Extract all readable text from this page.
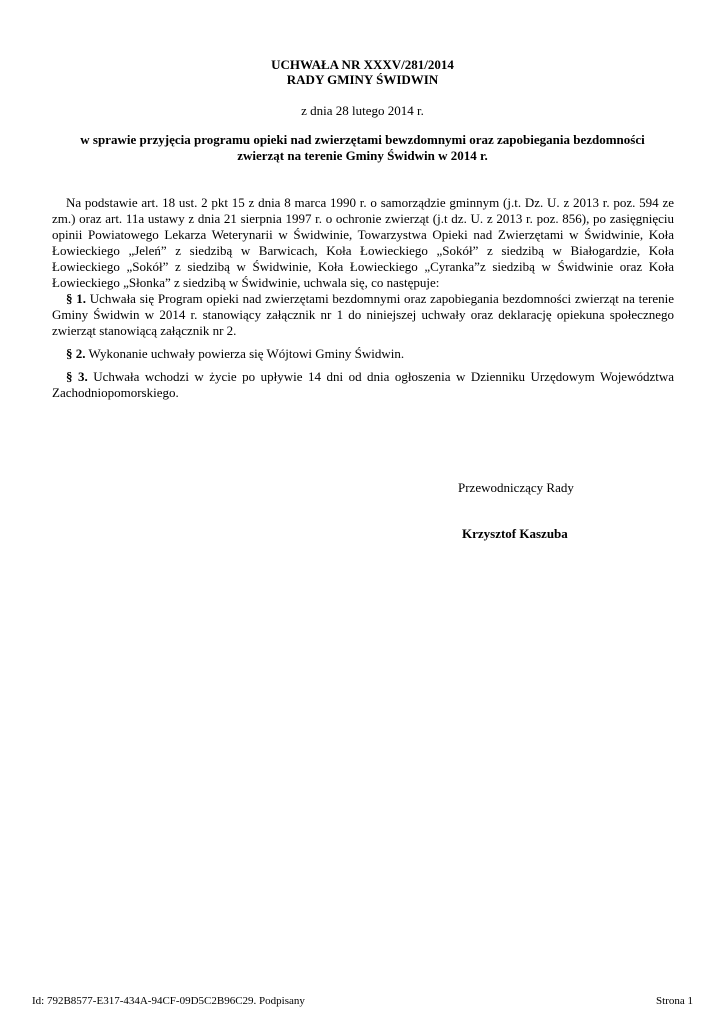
UCHWAŁA NR XXXV/281/2014
RADY GMINY ŚWIDWIN
z dnia 28 lutego 2014 r.
w sprawie przyjęcia programu opieki nad zwierzętami bewzdomnymi oraz zapobiegania bezdomności zwierząt na terenie Gminy Świdwin w 2014 r.
Na podstawie art. 18 ust. 2 pkt 15 z dnia 8 marca 1990 r. o samorządzie gminnym (j.t. Dz. U. z 2013 r. poz. 594 ze zm.) oraz art. 11a ustawy z dnia 21 sierpnia 1997 r. o ochronie zwierząt (j.t dz. U. z 2013 r. poz. 856), po zasięgnięciu opinii Powiatowego Lekarza Weterynarii w Świdwinie, Towarzystwa Opieki nad Zwierzętami w Świdwinie, Koła Łowieckiego „Jeleń” z siedzibą w Barwicach, Koła Łowieckiego „Sokół” z siedzibą w Białogardzie, Koła Łowieckiego „Sokół” z siedzibą w Świdwinie, Koła Łowieckiego „Cyranka”z siedzibą w Świdwinie oraz Koła Łowieckiego „Słonka” z siedzibą w Świdwinie, uchwala się, co następuje:
§ 1. Uchwała się Program opieki nad zwierzętami bezdomnymi oraz zapobiegania bezdomności zwierząt na terenie Gminy Świdwin w 2014 r. stanowiący załącznik nr 1 do niniejszej uchwały oraz deklarację opiekuna społecznego zwierząt stanowiącą załącznik nr 2.
§ 2. Wykonanie uchwały powierza się Wójtowi Gminy Świdwin.
§ 3. Uchwała wchodzi w życie po upływie 14 dni od dnia ogłoszenia w Dzienniku Urzędowym Województwa Zachodniopomorskiego.
Przewodniczący Rady
Krzysztof Kaszuba
Id: 792B8577-E317-434A-94CF-09D5C2B96C29. Podpisany	Strona 1
